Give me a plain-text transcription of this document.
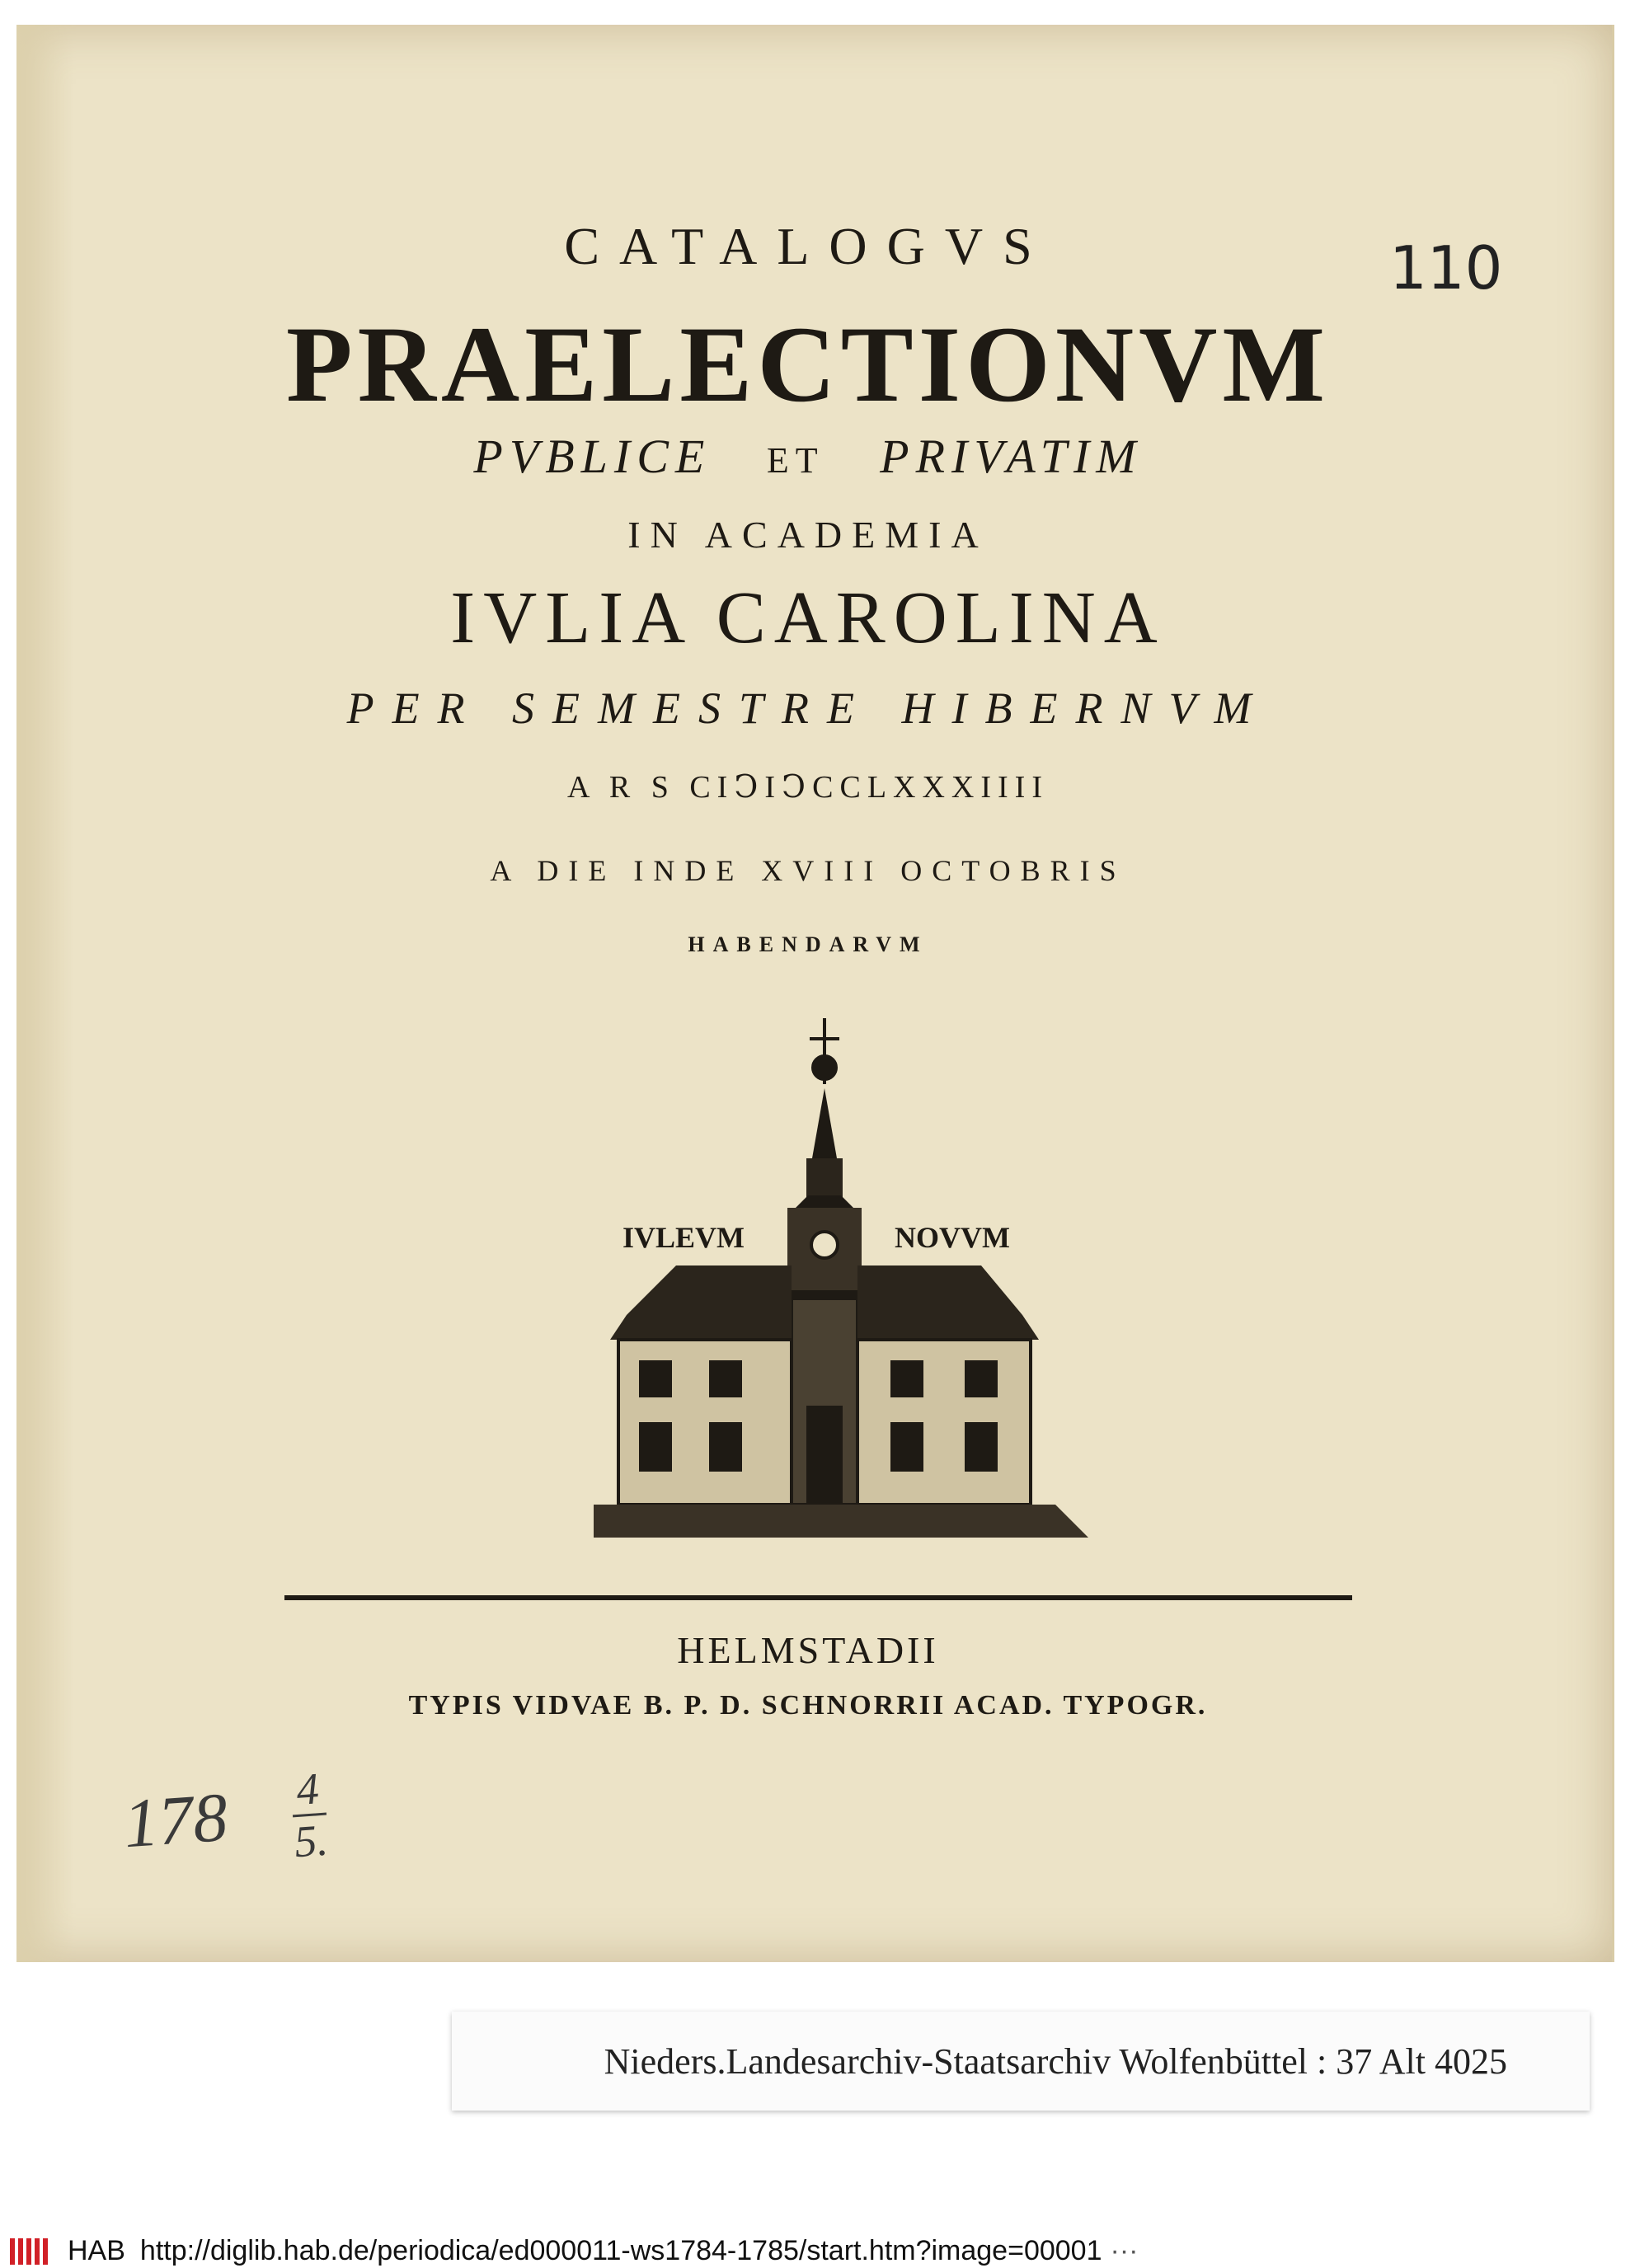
CATALOGVS
PRAELECTIONVM
PVBLICE ET PRIVATIM
IN ACADEMIA
IVLIA CAROLINA
PER SEMESTRE HIBERNVM
A R S CIↃIↃCCLXXXIIII
A DIE INDE XVIII OCTOBRIS
HABENDARVM
IVLEVM	NOVVM
HELMSTADII
TYPIS VIDVAE B. P. D. SCHNORRII ACAD. TYPOGR.
110
$178 \frac{4}{5.}$
Nieders.Landesarchiv-Staatsarchiv Wolfenbüttel : 37 Alt 4025
HAB http://diglib.hab.de/periodica/ed000011-ws1784-1785/start.htm?image=00001 ···
